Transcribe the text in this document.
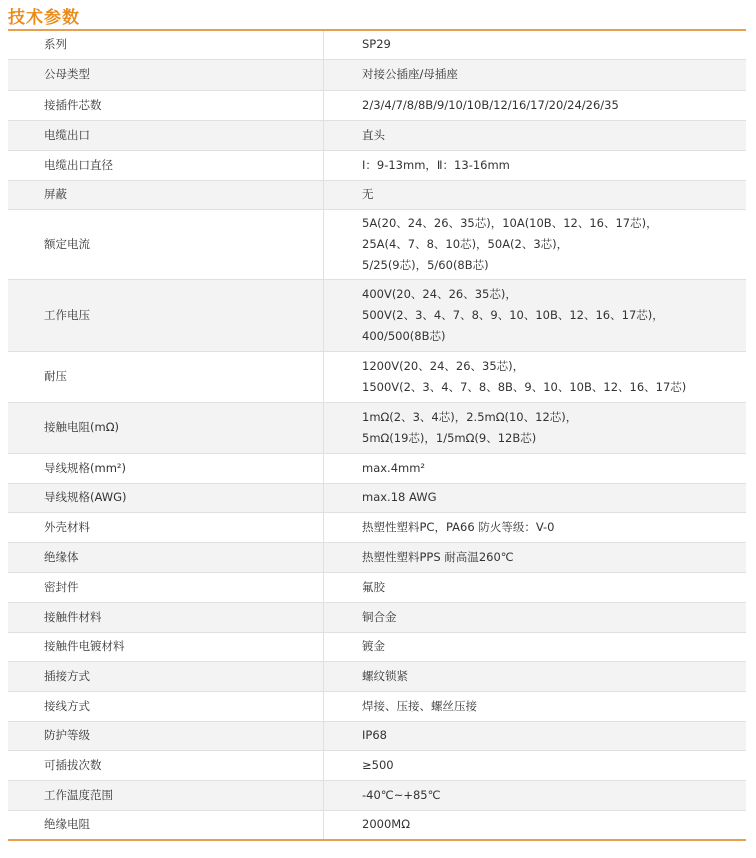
技术参数
系列	SP29

公母类型	对接公插座/母插座

接插件芯数	2/3/4/7/8/8B/9/10/10B/12/16/17/20/24/26/35

电缆出口	直头

电缆出口直径	Ⅰ：9-13mm，Ⅱ：13-16mm

屏蔽	无

额定电流	5A(20、24、26、35芯)，10A(10B、12、16、17芯)，
25A(4、7、8、10芯)，50A(2、3芯)，
5/25(9芯)，5/60(8B芯)

工作电压	400V(20、24、26、35芯)，
500V(2、3、4、7、8、9、10、10B、12、16、17芯)，
400/500(8B芯)

耐压	1200V(20、24、26、35芯)，
1500V(2、3、4、7、8、8B、9、10、10B、12、16、17芯)

接触电阻(mΩ)	1mΩ(2、3、4芯)，2.5mΩ(10、12芯)，
5mΩ(19芯)，1/5mΩ(9、12B芯)

导线规格(mm²)	max.4mm²

导线规格(AWG)	max.18 AWG

外壳材料	热塑性塑料PC，PA66 防火等级：V-0

绝缘体	热塑性塑料PPS 耐高温260℃

密封件	氟胶

接触件材料	铜合金

接触件电镀材料	镀金

插接方式	螺纹锁紧

接线方式	焊接、压接、螺丝压接

防护等级	IP68

可插拔次数	≥500

工作温度范围	-40℃~+85℃

绝缘电阻	2000MΩ
